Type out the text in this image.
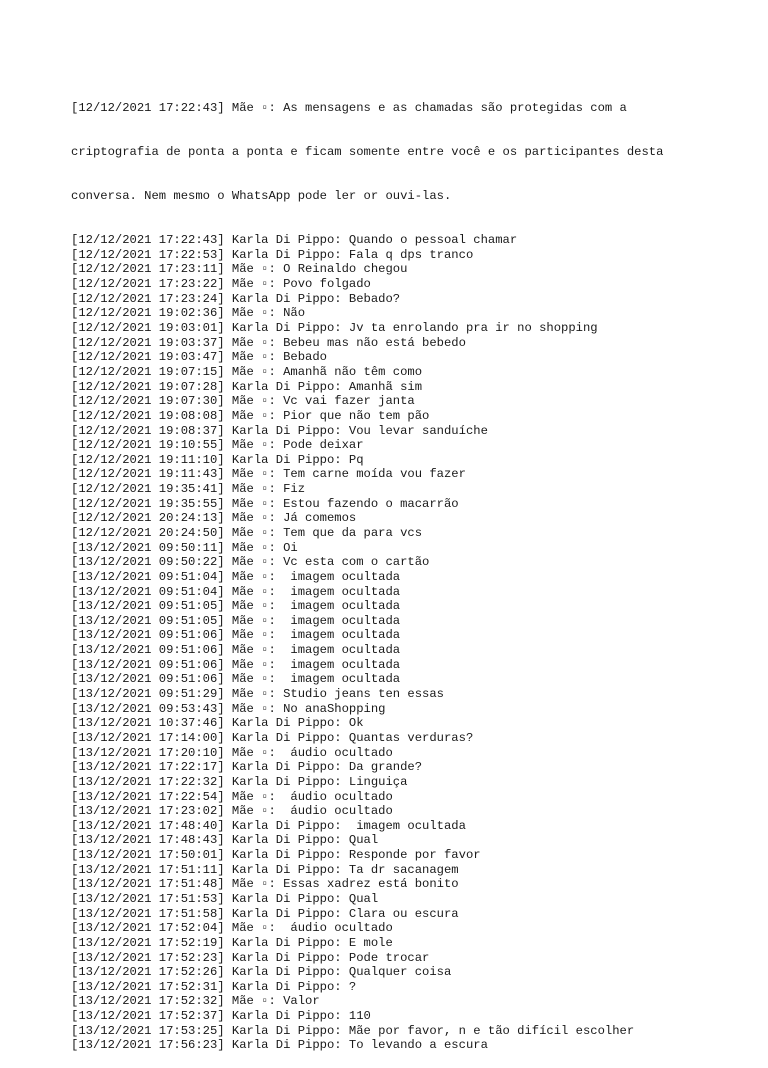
[12/12/2021 17:22:43] Mãe ▫: As mensagens e as chamadas são protegidas com a

criptografia de ponta a ponta e ficam somente entre você e os participantes desta

conversa. Nem mesmo o WhatsApp pode ler or ouvi-las.

[12/12/2021 17:22:43] Karla Di Pippo: Quando o pessoal chamar
[12/12/2021 17:22:53] Karla Di Pippo: Fala q dps tranco
[12/12/2021 17:23:11] Mãe ▫: O Reinaldo chegou
[12/12/2021 17:23:22] Mãe ▫: Povo folgado
[12/12/2021 17:23:24] Karla Di Pippo: Bebado?
[12/12/2021 19:02:36] Mãe ▫: Não
[12/12/2021 19:03:01] Karla Di Pippo: Jv ta enrolando pra ir no shopping
[12/12/2021 19:03:37] Mãe ▫: Bebeu mas não está bebedo
[12/12/2021 19:03:47] Mãe ▫: Bebado
[12/12/2021 19:07:15] Mãe ▫: Amanhã não têm como
[12/12/2021 19:07:28] Karla Di Pippo: Amanhã sim
[12/12/2021 19:07:30] Mãe ▫: Vc vai fazer janta
[12/12/2021 19:08:08] Mãe ▫: Pior que não tem pão
[12/12/2021 19:08:37] Karla Di Pippo: Vou levar sanduíche
[12/12/2021 19:10:55] Mãe ▫: Pode deixar
[12/12/2021 19:11:10] Karla Di Pippo: Pq
[12/12/2021 19:11:43] Mãe ▫: Tem carne moída vou fazer
[12/12/2021 19:35:41] Mãe ▫: Fiz
[12/12/2021 19:35:55] Mãe ▫: Estou fazendo o macarrão
[12/12/2021 20:24:13] Mãe ▫: Já comemos
[12/12/2021 20:24:50] Mãe ▫: Tem que da para vcs
[13/12/2021 09:50:11] Mãe ▫: Oi
[13/12/2021 09:50:22] Mãe ▫: Vc esta com o cartão
[13/12/2021 09:51:04] Mãe ▫:  imagem ocultada
[13/12/2021 09:51:04] Mãe ▫:  imagem ocultada
[13/12/2021 09:51:05] Mãe ▫:  imagem ocultada
[13/12/2021 09:51:05] Mãe ▫:  imagem ocultada
[13/12/2021 09:51:06] Mãe ▫:  imagem ocultada
[13/12/2021 09:51:06] Mãe ▫:  imagem ocultada
[13/12/2021 09:51:06] Mãe ▫:  imagem ocultada
[13/12/2021 09:51:06] Mãe ▫:  imagem ocultada
[13/12/2021 09:51:29] Mãe ▫: Studio jeans ten essas
[13/12/2021 09:53:43] Mãe ▫: No anaShopping
[13/12/2021 10:37:46] Karla Di Pippo: Ok
[13/12/2021 17:14:00] Karla Di Pippo: Quantas verduras?
[13/12/2021 17:20:10] Mãe ▫:  áudio ocultado
[13/12/2021 17:22:17] Karla Di Pippo: Da grande?
[13/12/2021 17:22:32] Karla Di Pippo: Linguiça
[13/12/2021 17:22:54] Mãe ▫:  áudio ocultado
[13/12/2021 17:23:02] Mãe ▫:  áudio ocultado
[13/12/2021 17:48:40] Karla Di Pippo:  imagem ocultada
[13/12/2021 17:48:43] Karla Di Pippo: Qual
[13/12/2021 17:50:01] Karla Di Pippo: Responde por favor
[13/12/2021 17:51:11] Karla Di Pippo: Ta dr sacanagem
[13/12/2021 17:51:48] Mãe ▫: Essas xadrez está bonito
[13/12/2021 17:51:53] Karla Di Pippo: Qual
[13/12/2021 17:51:58] Karla Di Pippo: Clara ou escura
[13/12/2021 17:52:04] Mãe ▫:  áudio ocultado
[13/12/2021 17:52:19] Karla Di Pippo: E mole
[13/12/2021 17:52:23] Karla Di Pippo: Pode trocar
[13/12/2021 17:52:26] Karla Di Pippo: Qualquer coisa
[13/12/2021 17:52:31] Karla Di Pippo: ?
[13/12/2021 17:52:32] Mãe ▫: Valor
[13/12/2021 17:52:37] Karla Di Pippo: 110
[13/12/2021 17:53:25] Karla Di Pippo: Mãe por favor, n e tão difícil escolher
[13/12/2021 17:56:23] Karla Di Pippo: To levando a escura
